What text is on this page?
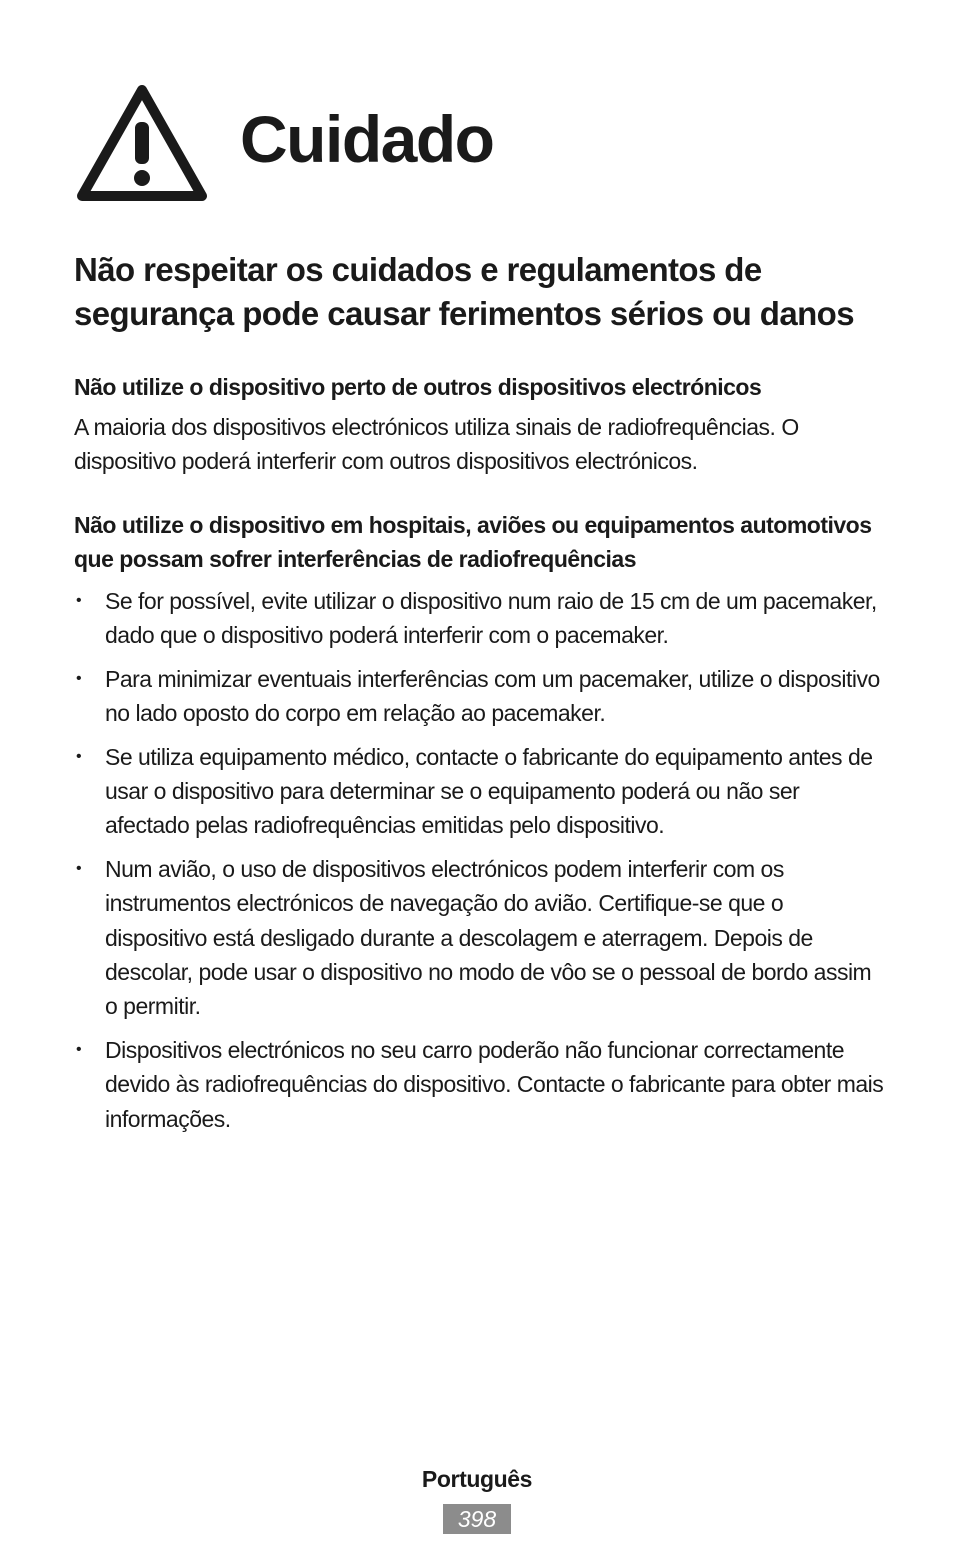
Cuidado
Não respeitar os cuidados e regulamentos de segurança pode causar ferimentos sérios ou danos
Não utilize o dispositivo perto de outros dispositivos electrónicos

A maioria dos dispositivos electrónicos utiliza sinais de radiofrequências. O dispositivo poderá interferir com outros dispositivos electrónicos.

Não utilize o dispositivo em hospitais, aviões ou equipamentos automotivos que possam sofrer interferências de radiofrequências
• Se for possível, evite utilizar o dispositivo num raio de 15 cm de um pacemaker, dado que o dispositivo poderá interferir com o pacemaker.
• Para minimizar eventuais interferências com um pacemaker, utilize o dispositivo no lado oposto do corpo em relação ao pacemaker.
• Se utiliza equipamento médico, contacte o fabricante do equipamento antes de usar o dispositivo para determinar se o equipamento poderá ou não ser afectado pelas radiofrequências emitidas pelo dispositivo.
• Num avião, o uso de dispositivos electrónicos podem interferir com os instrumentos electrónicos de navegação do avião. Certifique-se que o dispositivo está desligado durante a descolagem e aterragem. Depois de descolar, pode usar o dispositivo no modo de vôo se o pessoal de bordo assim o permitir.
• Dispositivos electrónicos no seu carro poderão não funcionar correctamente devido às radiofrequências do dispositivo. Contacte o fabricante para obter mais informações.
Português
398
